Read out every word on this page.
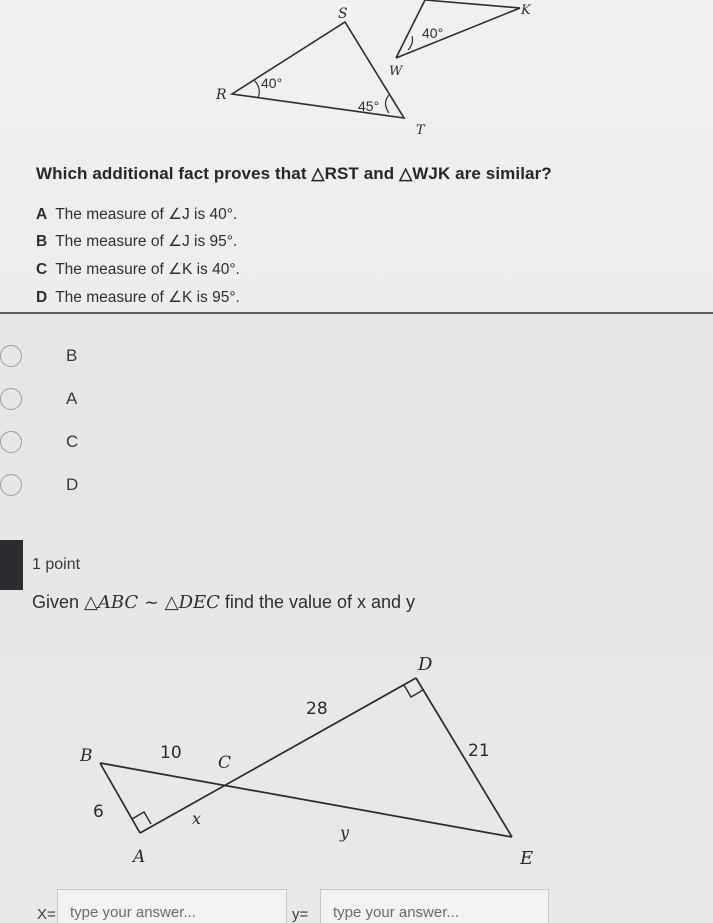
R
S
T
40°
45°
W
K
40°
Which additional fact proves that △RST and △WJK are similar?
A The measure of ∠J is 40°.
B The measure of ∠J is 95°.
C The measure of ∠K is 40°.
D The measure of ∠K is 95°.
B
A
C
D
1 point
Given △ABC ~ △DEC find the value of x and y
B
A
C
D
E
6
10
x
28
21
y
X= type your answer...	y= type your answer...
